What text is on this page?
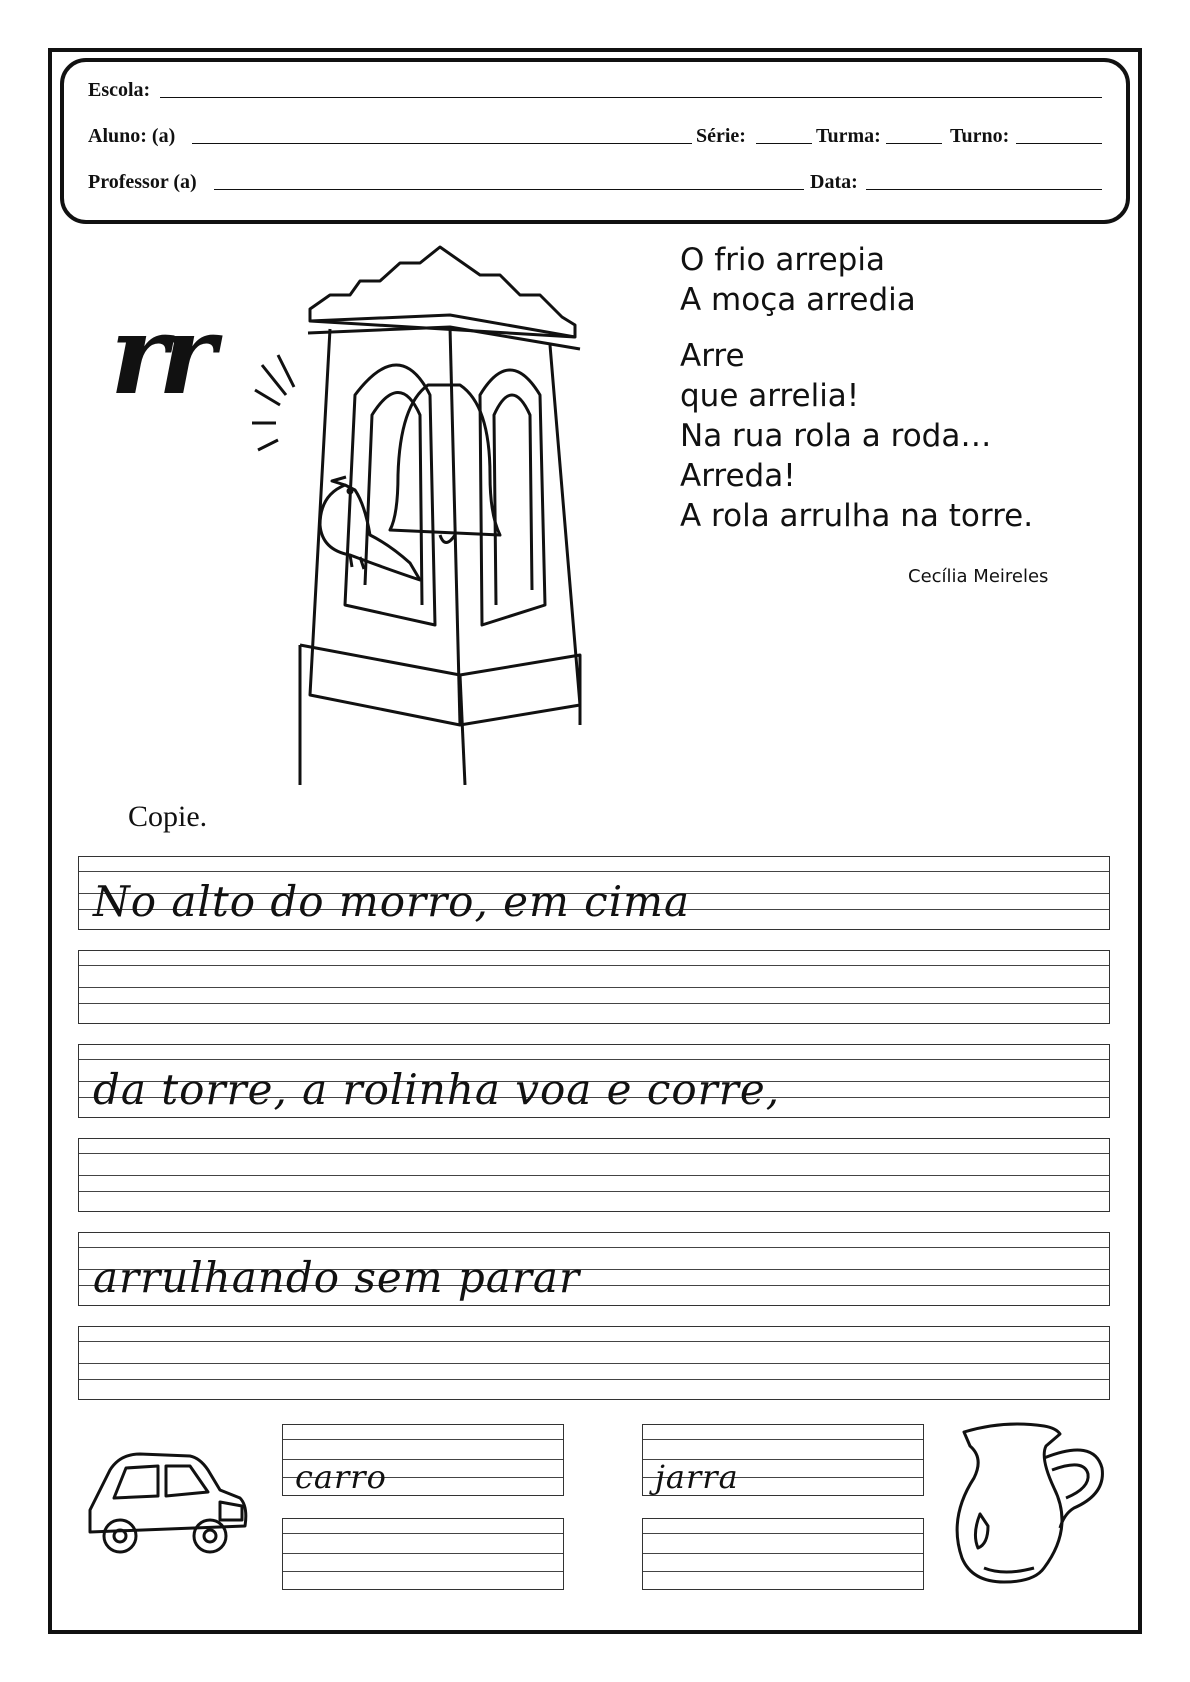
Escola:
Aluno: (a)	Série:	Turma:	Turno:
Professor (a)	Data:
rr
O frio arrepia
A moça arredia
Arre
que arrelia!
Na rua rola a roda…
Arreda!
A rola arrulha na torre.
Cecília Meireles
Copie.
No alto do morro, em cima
da torre, a rolinha voa e corre,
arrulhando sem parar
carro	jarra
